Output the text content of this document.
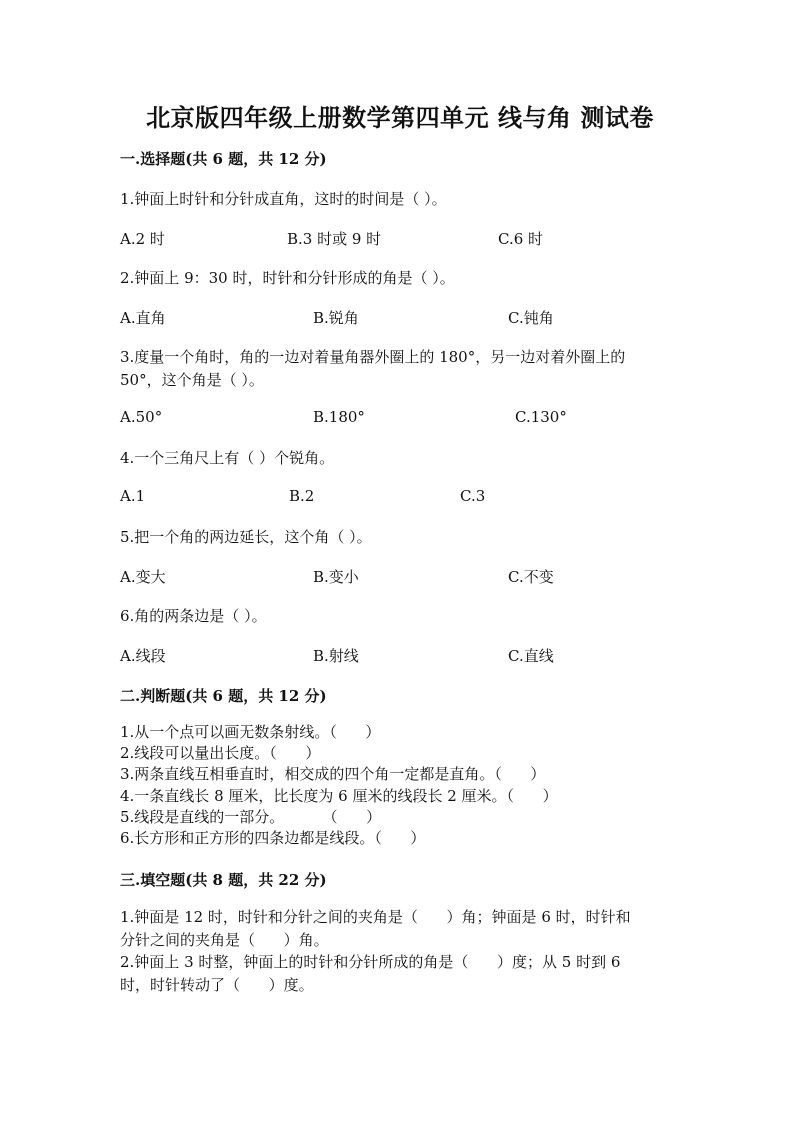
北京版四年级上册数学第四单元 线与角 测试卷
一.选择题(共 6 题，共 12 分)
1.钟面上时针和分针成直角，这时的时间是（ ）。
A.2 时	B.3 时或 9 时	C.6 时
2.钟面上 9：30 时，时针和分针形成的角是（ ）。
A.直角	B.锐角	C.钝角
3.度量一个角时，角的一边对着量角器外圈上的 180°，另一边对着外圈上的
50°，这个角是（ ）。
A.50°	B.180°	C.130°
4.一个三角尺上有（ ）个锐角。
A.1	B.2	C.3
5.把一个角的两边延长，这个角（ ）。
A.变大	B.变小	C.不变
6.角的两条边是（ ）。
A.线段	B.射线	C.直线
二.判断题(共 6 题，共 12 分)
1.从一个点可以画无数条射线。（      ）
2.线段可以量出长度。（      ）
3.两条直线互相垂直时，相交成的四个角一定都是直角。（      ）
4.一条直线长 8 厘米，比长度为 6 厘米的线段长 2 厘米。（      ）
5.线段是直线的一部分。        （      ）
6.长方形和正方形的四条边都是线段。（      ）
三.填空题(共 8 题，共 22 分)
1.钟面是 12 时，时针和分针之间的夹角是（      ）角；钟面是 6 时，时针和
分针之间的夹角是（      ）角。
2.钟面上 3 时整，钟面上的时针和分针所成的角是（      ）度；从 5 时到 6
时，时针转动了（      ）度。
